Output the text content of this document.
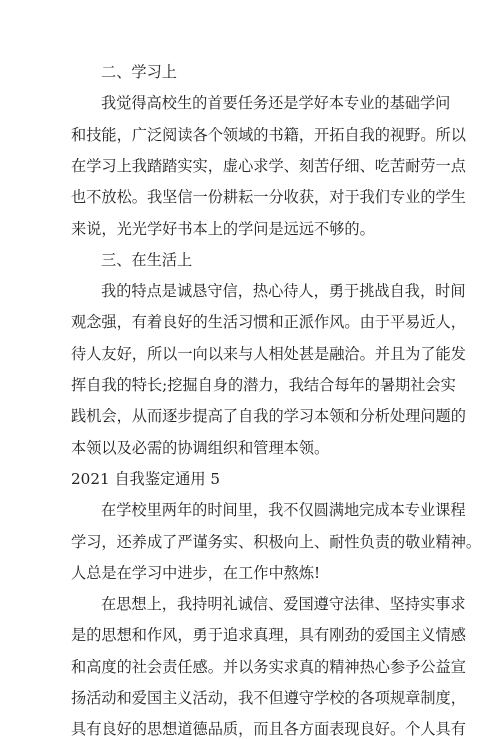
二、学习上
我觉得高校生的首要任务还是学好本专业的基础学问
和技能，广泛阅读各个领域的书籍，开拓自我的视野。所以
在学习上我踏踏实实，虚心求学、刻苦仔细、吃苦耐劳一点
也不放松。我坚信一份耕耘一分收获，对于我们专业的学生
来说，光光学好书本上的学问是远远不够的。
三、在生活上
我的特点是诚恳守信，热心待人，勇于挑战自我，时间
观念强，有着良好的生活习惯和正派作风。由于平易近人，
待人友好，所以一向以来与人相处甚是融洽。并且为了能发
挥自我的特长;挖掘自身的潜力，我结合每年的暑期社会实
践机会，从而逐步提高了自我的学习本领和分析处理问题的
本领以及必需的协调组织和管理本领。
2021 自我鉴定通用 5
在学校里两年的时间里，我不仅圆满地完成本专业课程
学习，还养成了严谨务实、积极向上、耐性负责的敬业精神。
人总是在学习中进步，在工作中熬炼!
在思想上，我持明礼诚信、爱国遵守法律、坚持实事求
是的思想和作风，勇于追求真理，具有刚劲的爱国主义情感
和高度的社会责任感。并以务实求真的精神热心参予公益宣
扬活动和爱国主义活动，我不但遵守学校的各项规章制度，
具有良好的思想道德品质，而且各方面表现良好。个人具有
